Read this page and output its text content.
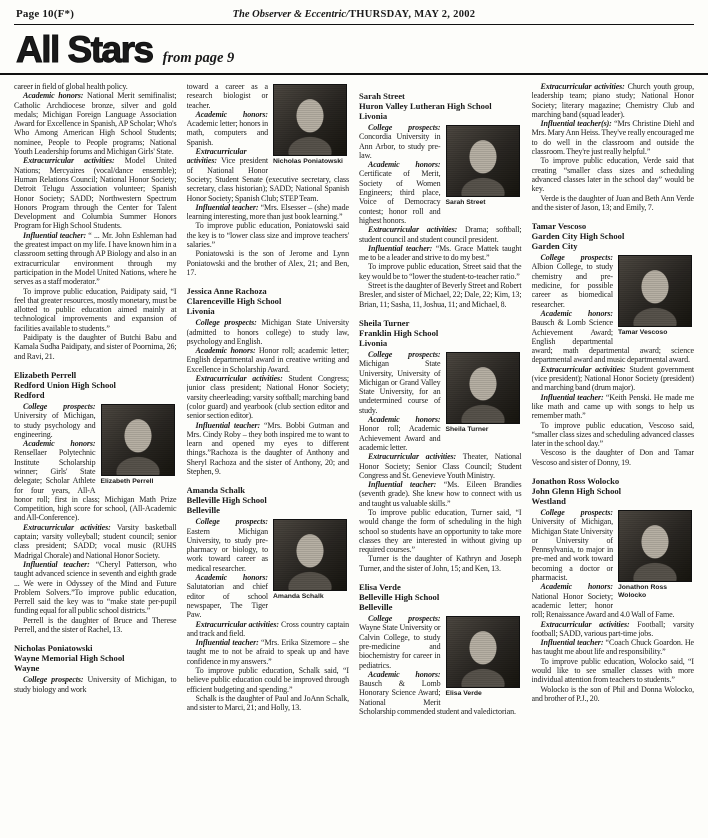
Page 10(F*)	The Observer & Eccentric/THURSDAY, MAY 2, 2002
All Stars from page 9

career in field of global health policy.

Academic honors: National Merit semifinalist; Catholic Archdiocese bronze, silver and gold medals; Michigan Foreign Language Association Award for Excellence in Spanish, AP Scholar; Who's Who Among American High School Students; nominee, People to People programs; National Youth Leadership forums and Michigan Girls' State.

Extracurricular activities: Model United Nations; Mercyaires (vocal/dance ensemble); Human Relations Council; National Honor Society; Detroit Telugu Association volunteer; Spanish Honor Society; SADD; Northwestern Spectrum Honors Program through the Center for Talent Development and Columbia Summer Honors Program for High School Students.

Influential teacher: “ ... Mr. John Eshleman had the greatest impact on my life. I have known him in a classroom setting through AP Biology and also in an extracurricular environment through my participation in the Model United Nations, where he serves as a staff moderator.”

To improve public education, Paidipaty said, “I feel that greater resources, mostly monetary, must be allotted to public education aimed mainly at technological improvements and expansion of facilities available to students.”

Paidipaty is the daughter of Butchi Babu and Kamala Sudha Paidipaty, and sister of Poornima, 26; and Ravi, 21.

Elizabeth Perrell
Redford Union High School
Redford
Elizabeth Perrell

College prospects: University of Michigan, to study psychology and engineering.

Academic honors: Rensellaer Polytechnic Institute Scholarship winner; Girls' State delegate; Scholar Athlete for four years, All-A honor roll; first in class; Michigan Math Prize Competition, high score for school, (All-Academic and All-Conference).

Extracurricular activities: Varsity basketball captain; varsity volleyball; student council; senior class president; SADD; vocal music (RUHS Madrigal Chorale) and National Honor Society.

Influential teacher: “Cheryl Patterson, who taught advanced science in seventh and eighth grade ... We were in Odyssey of the Mind and Future Problem Solvers.”To improve public education, Perrell said the key was to “make state per-pupil funding equal for all public school districts.”

Perrell is the daughter of Bruce and Therese Perrell, and the sister of Rachel, 13.

Nicholas Poniatowski
Wayne Memorial High School
Wayne

College prospects: University of Michigan, to study biology and work

Nicholas Poniatowski

toward a career as a research biologist or teacher.

Academic honors: Academic letter; honors in math, computers and Spanish.

Extracurricular activities: Vice president of National Honor Society; Student Senate (executive secretary, class secretary, class historian); SADD; National Spanish Honor Society; Spanish Club; STEP Team.

Influential teacher: “Mrs. Elsesser – (she) made learning interesting, more than just book learning.”

To improve public education, Poniatowski said the key is to “lower class size and improve teachers' salaries.”

Poniatowski is the son of Jerome and Lynn Poniatowski and the brother of Alex, 21; and Ben, 17.

Jessica Anne Rachoza
Clarenceville High School
Livonia

College prospects: Michigan State University (admitted to honors college) to study law, psychology and English.

Academic honors: Honor roll; academic letter; English departmental award in creative writing and Excellence in Scholarship Award.

Extracurricular activities: Student Congress; junior class president; National Honor Society; varsity cheerleading; varsity softball; marching band (color guard) and yearbook (club section editor and senior section editor).

Influential teacher: “Mrs. Bobbi Gutman and Mrs. Cindy Roby – they both inspired me to want to learn and opened my eyes to different things.”Rachoza is the daughter of Anthony and Sheryl Rachoza and the sister of Anthony, 20; and Stephen, 9.

Amanda Schalk
Belleville High School
Belleville
Amanda Schalk

College prospects: Eastern Michigan University, to study pre-pharmacy or biology, to work toward career as medical researcher.

Academic honors: Salutatorian and chief editor of school newspaper, The Tiger Paw.

Extracurricular activities: Cross country captain and track and field.

Influential teacher: “Mrs. Erika Sizemore – she taught me to not be afraid to speak up and have confidence in my answers.”

To improve public education, Schalk said, “I believe public education could be improved through efficient budgeting and spending.”

Schalk is the daughter of Paul and JoAnn Schalk, and sister to Marci, 21; and Holly, 13.

Sarah Street
Huron Valley Lutheran High School
Livonia
Sarah Street

College prospects: Concordia University in Ann Arbor, to study pre-law.

Academic honors: Certificate of Merit, Society of Women Engineers; third place, Voice of Democracy contest; honor roll and highest honors.

Extracurricular activities: Drama; softball; student council and student council president.

Influential teacher: “Ms. Grace Mattek taught me to be a leader and strive to do my best.”

To improve public education, Street said that the key would be to “lower the student-to-teacher ratio.”

Street is the daughter of Beverly Street and Robert Bresler, and sister of Michael, 22; Dale, 22; Kim, 13; Brian, 11; Sasha, 11, Joshua, 11; and Michael, 8.

Sheila Turner
Franklin High School
Livonia
Sheila Turner

College prospects: Michigan State University, University of Michigan or Grand Valley State University, for an undetermined course of study.

Academic honors: Honor roll; Academic Achievement Award and academic letter.

Extracurricular activities: Theater, National Honor Society; Senior Class Council; Student Congress and St. Genevieve Youth Ministry.

Influential teacher: “Ms. Eileen Brandies (seventh grade). She knew how to connect with us and taught us valuable skills.”

To improve public education, Turner said, “I would change the form of scheduling in the high school so students have an opportunity to take more classes they are interested in without giving up required courses.”

Turner is the daughter of Kathryn and Joseph Turner, and the sister of John, 15; and Ken, 13.

Elisa Verde
Belleville High School
Belleville
Elisa Verde

College prospects: Wayne State University or Calvin College, to study pre-medicine and biochemistry for career in pediatrics.

Academic honors: Bausch & Lomb Honorary Science Award; National Merit Scholarship commended student and valedictorian.

Extracurricular activities: Church youth group, leadership team; piano study; National Honor Society; literary magazine; Chemistry Club and marching band (squad leader).

Influential teacher(s): “Mrs Christine Diehl and Mrs. Mary Ann Heiss. They've really encouraged me to do well in the classroom and outside the classroom. They're just really helpful.”

To improve public education, Verde said that creating “smaller class sizes and scheduling advanced classes later in the school day” would be key.

Verde is the daughter of Juan and Beth Ann Verde and the sister of Jason, 13; and Emily, 7.

Tamar Vescoso
Garden City High School
Garden City
Tamar Vescoso

College prospects: Albion College, to study chemistry and pre-medicine, for possible career as biomedical researcher.

Academic honors: Bausch & Lomb Science Achievement Award; English departmental award; math departmental award; science departmental award and music departmental award.

Extracurricular activities: Student government (vice president); National Honor Society (president) and marching band (drum major).

Influential teacher: “Keith Penski. He made me like math and came up with songs to help us remember math.”

To improve public education, Vescoso said, “smaller class sizes and scheduling advanced classes later in the school day.”

Vescoso is the daughter of Don and Tamar Vescoso and sister of Donny, 19.

Jonathon Ross Wolocko
John Glenn High School
Westland
Jonathon Ross Wolocko

College prospects: University of Michigan, Michigan State University or University of Pennsylvania, to major in pre-med and work toward becoming a doctor or pharmacist.

Academic honors: National Honor Society; academic letter; honor roll; Renaissance Award and 4.0 Wall of Fame.

Extracurricular activities: Football; varsity football; SADD, various part-time jobs.

Influential teacher: “Coach Chuck Goardon. He has taught me about life and responsibility.”

To improve public education, Wolocko said, “I would like to see smaller classes with more individual attention from teachers to students.”

Wolocko is the son of Phil and Donna Wolocko, and brother of P.J., 20.
